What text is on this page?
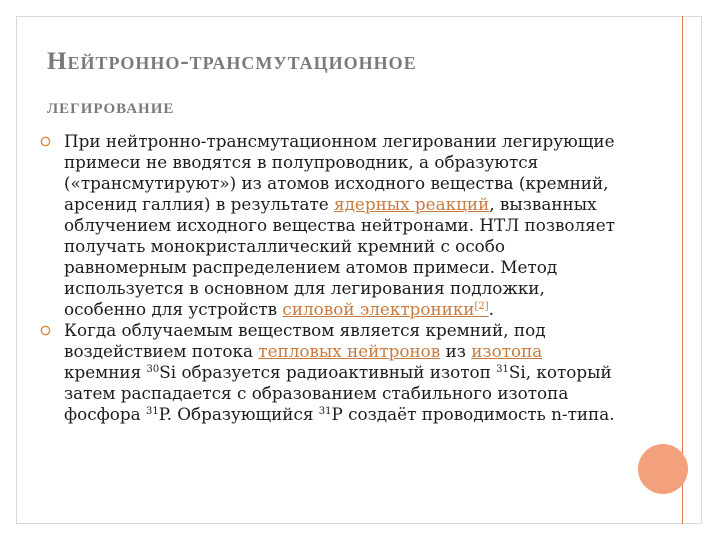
Нейтронно-трансмутационное
легирование
При нейтронно-трансмутационном легировании легирующие примеси не вводятся в полупроводник, а образуются («трансмутируют») из атомов исходного вещества (кремний, арсенид галлия) в результате ядерных реакций, вызванных облучением исходного вещества нейтронами. НТЛ позволяет получать монокристаллический кремний с особо равномерным распределением атомов примеси. Метод используется в основном для легирования подложки, особенно для устройств силовой электроники[2].
Когда облучаемым веществом является кремний, под воздействием потока тепловых нейтронов из изотопа кремния $^{30}$Si образуется радиоактивный изотоп $^{31}$Si, который затем распадается с образованием стабильного изотопа фосфора $^{31}$P. Образующийся $^{31}$P создаёт проводимость n-типа.
